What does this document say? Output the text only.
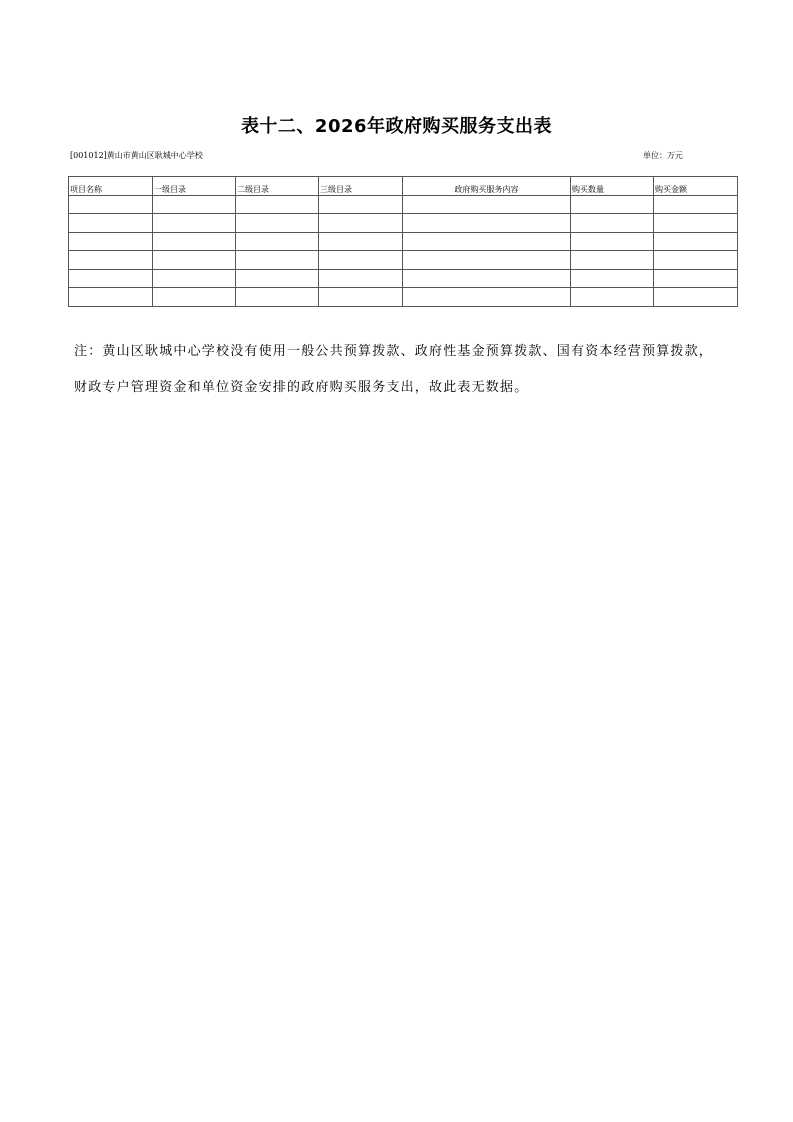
表十二、2026年政府购买服务支出表
[001012]黄山市黄山区耿城中心学校	单位：万元
项目名称	一级目录	二级目录	三级目录	政府购买服务内容	购买数量	购买金额

注：黄山区耿城中心学校没有使用一般公共预算拨款、政府性基金预算拨款、国有资本经营预算拨款，

财政专户管理资金和单位资金安排的政府购买服务支出，故此表无数据。
